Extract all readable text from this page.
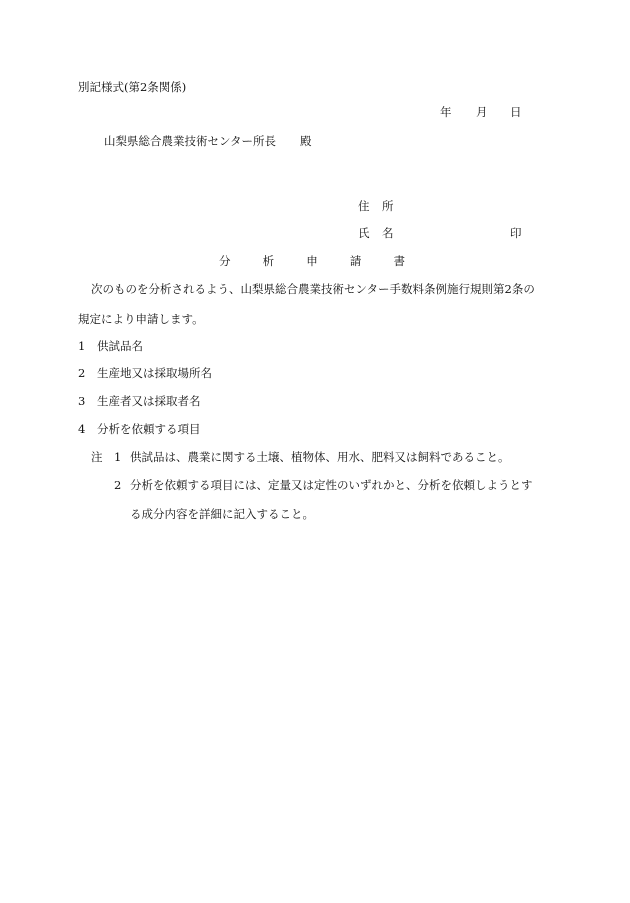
別記様式(第2条関係)
年 月 日
山梨県総合農業技術センター所長 殿
住 所
氏 名	印
分	析	申	請	書
次のものを分析されるよう、山梨県総合農業技術センター手数料条例施行規則第2条の
規定により申請します。
1 供試品名
2 生産地又は採取場所名
3 生産者又は採取者名
4 分析を依頼する項目
注 1 供試品は、農業に関する土壌、植物体、用水、肥料又は飼料であること。
2 分析を依頼する項目には、定量又は定性のいずれかと、分析を依頼しようとす
る成分内容を詳細に記入すること。
